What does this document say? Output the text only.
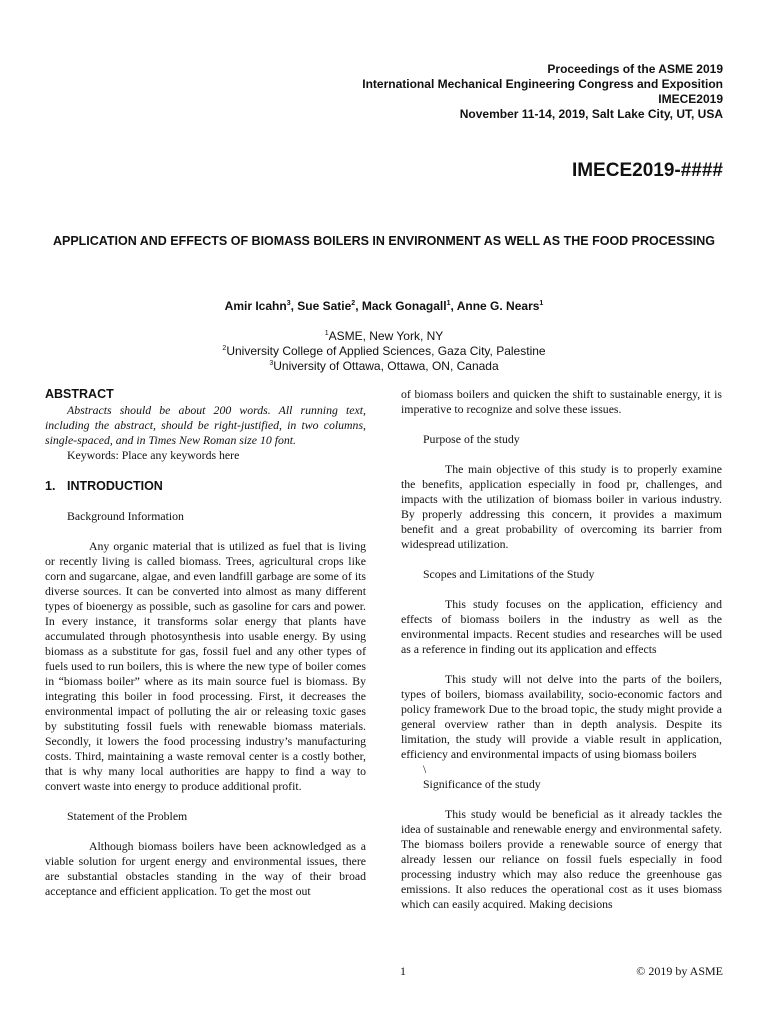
Proceedings of the ASME 2019
International Mechanical Engineering Congress and Exposition
IMECE2019
November 11-14, 2019, Salt Lake City, UT, USA
IMECE2019-####
APPLICATION AND EFFECTS OF BIOMASS BOILERS IN ENVIRONMENT AS WELL AS THE FOOD PROCESSING
Amir Icahn$^3$, Sue Satie$^2$, Mack Gonagall$^1$, Anne G. Nears$^1$
$^1$ASME, New York, NY
$^2$University College of Applied Sciences, Gaza City, Palestine
$^3$University of Ottawa, Ottawa, ON, Canada
ABSTRACT

Abstracts should be about 200 words. All running text, including the abstract, should be right-justified, in two columns, single-spaced, and in Times New Roman size 10 font.

Keywords: Place any keywords here

1. INTRODUCTION

Background Information

Any organic material that is utilized as fuel that is living or recently living is called biomass. Trees, agricultural crops like corn and sugarcane, algae, and even landfill garbage are some of its diverse sources. It can be converted into almost as many different types of bioenergy as possible, such as gasoline for cars and power. In every instance, it transforms solar energy that plants have accumulated through photosynthesis into usable energy. By using biomass as a substitute for gas, fossil fuel and any other types of fuels used to run boilers, this is where the new type of boiler comes in “biomass boiler” where as its main source fuel is biomass. By integrating this boiler in food processing. First, it decreases the environmental impact of polluting the air or releasing toxic gases by substituting fossil fuels with renewable biomass materials. Secondly, it lowers the food processing industry’s manufacturing costs. Third, maintaining a waste removal center is a costly bother, that is why many local authorities are happy to find a way to convert waste into energy to produce additional profit.

Statement of the Problem

Although biomass boilers have been acknowledged as a viable solution for urgent energy and environmental issues, there are substantial obstacles standing in the way of their broad acceptance and efficient application. To get the most out

of biomass boilers and quicken the shift to sustainable energy, it is imperative to recognize and solve these issues.

Purpose of the study

The main objective of this study is to properly examine the benefits, application especially in food pr, challenges, and impacts with the utilization of biomass boiler in various industry. By properly addressing this concern, it provides a maximum benefit and a great probability of overcoming its barrier from widespread utilization.

Scopes and Limitations of the Study

This study focuses on the application, efficiency and effects of biomass boilers in the industry as well as the environmental impacts. Recent studies and researches will be used as a reference in finding out its application and effects

This study will not delve into the parts of the boilers, types of boilers, biomass availability, socio-economic factors and policy framework Due to the broad topic, the study might provide a general overview rather than in depth analysis. Despite its limitation, the study will provide a viable result in application, efficiency and environmental impacts of using biomass boilers

\

Significance of the study

This study would be beneficial as it already tackles the idea of sustainable and renewable energy and environmental safety. The biomass boilers provide a renewable source of energy that already lessen our reliance on fossil fuels especially in food processing industry which may also reduce the greenhouse gas emissions. It also reduces the operational cost as it uses biomass which can easily acquired. Making decisions

1	© 2019 by ASME
